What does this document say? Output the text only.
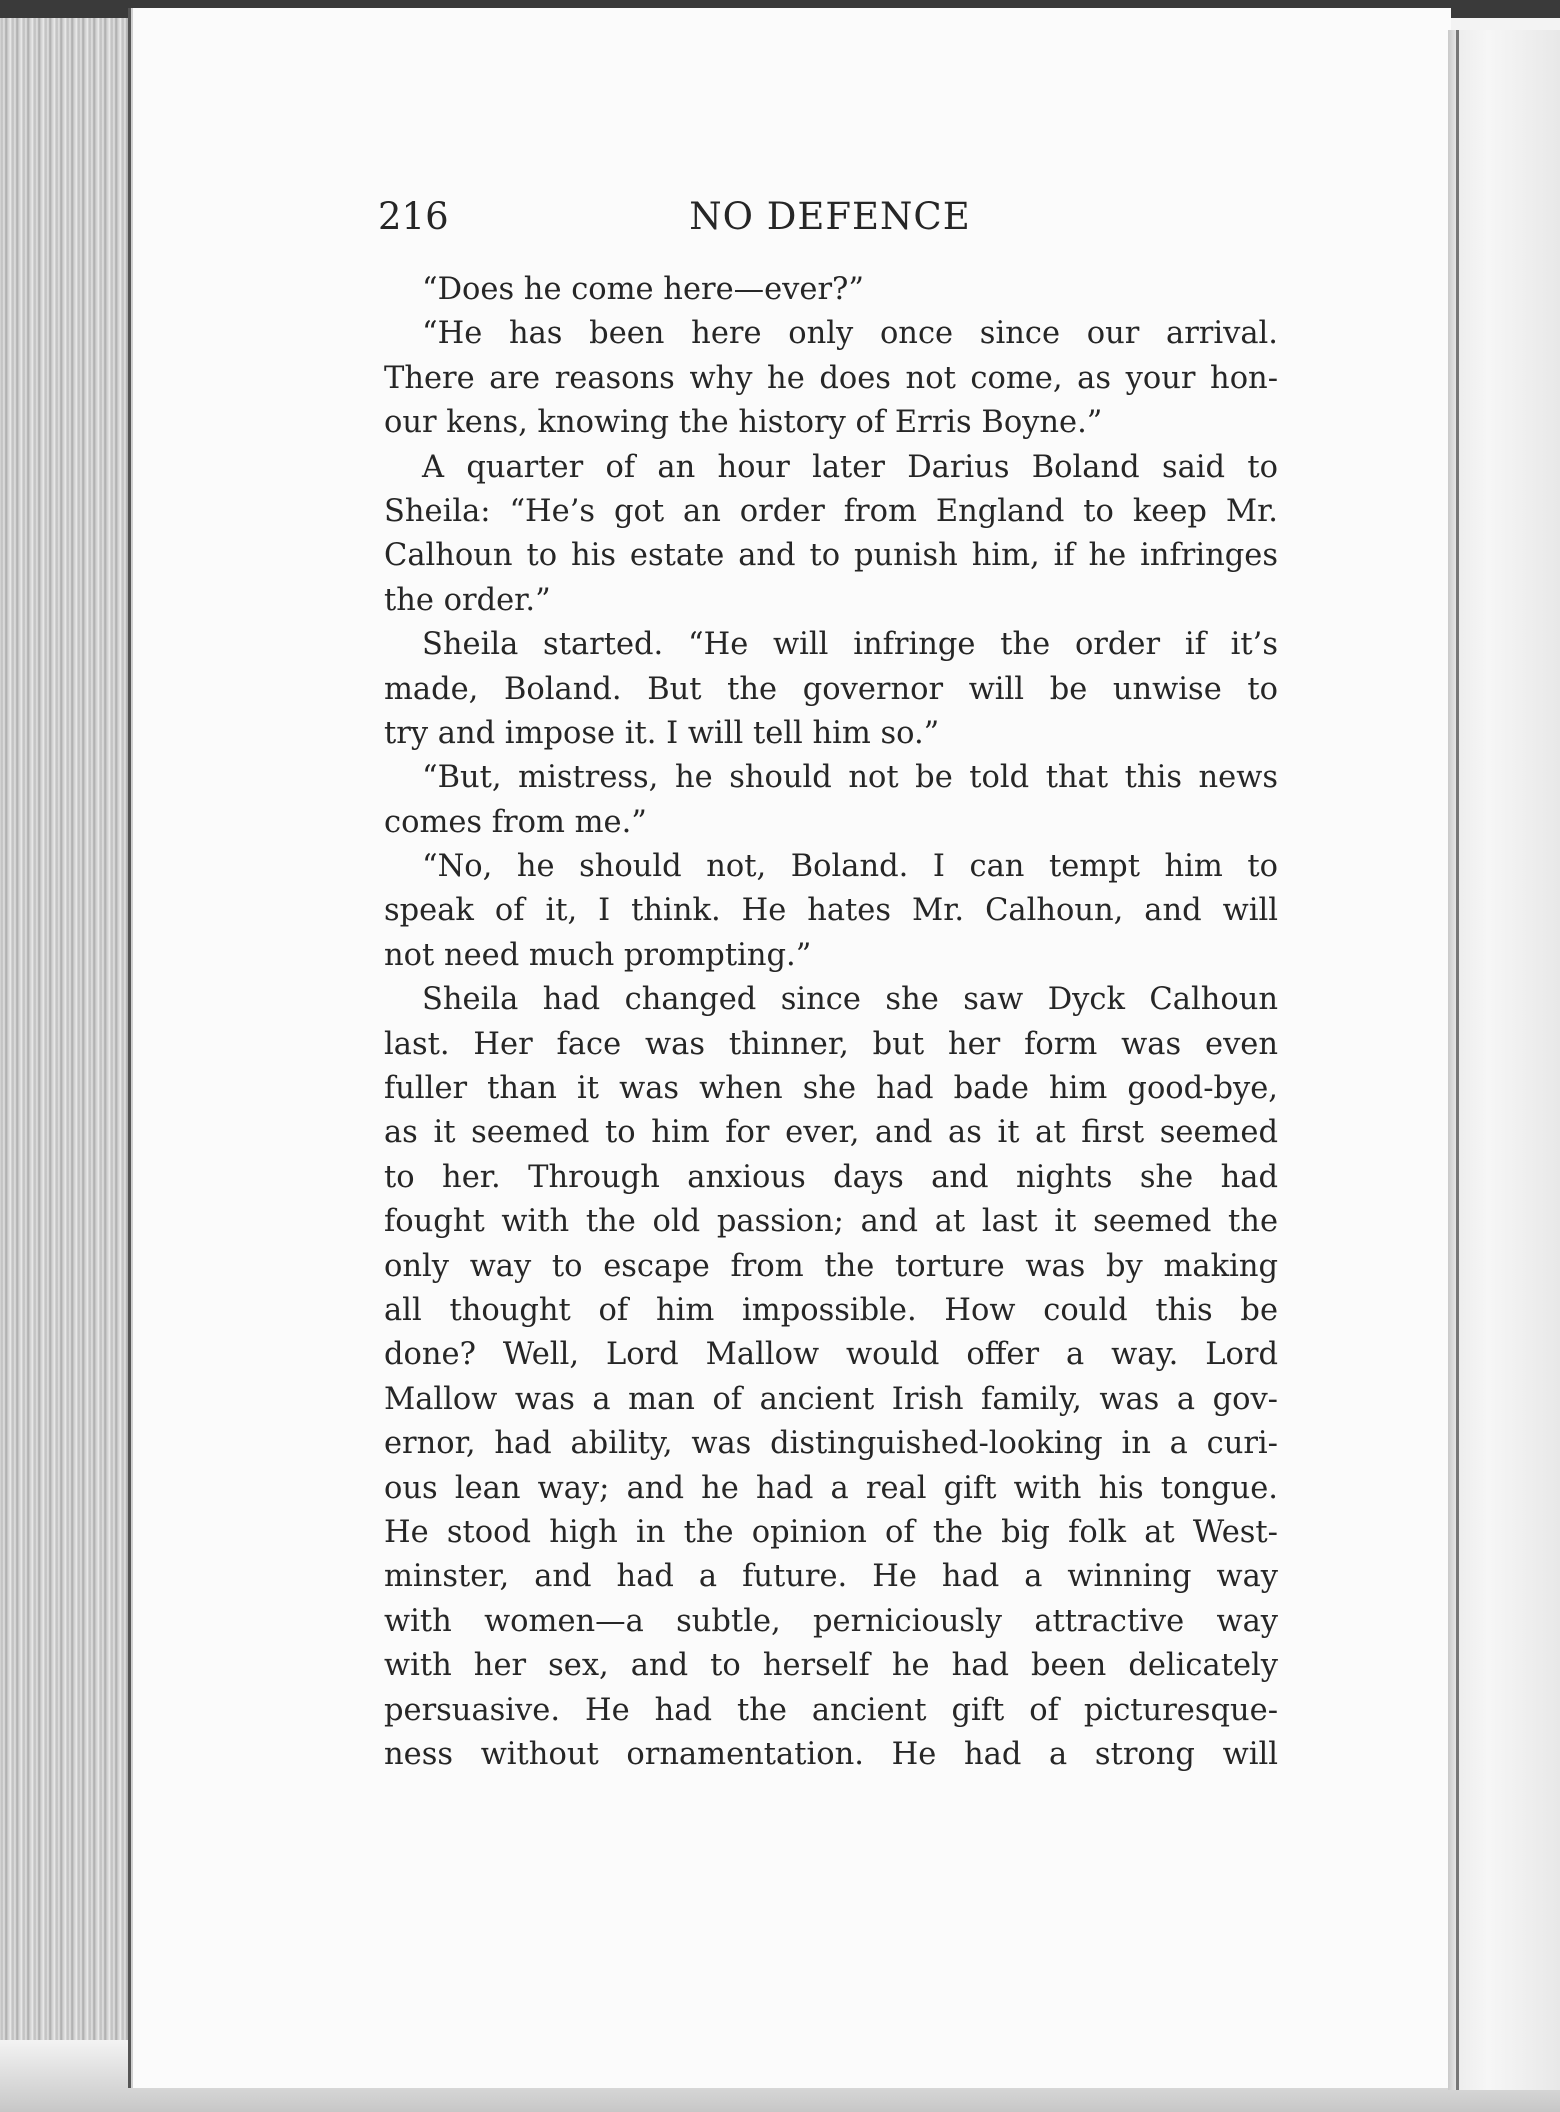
216	NO DEFENCE
“Does he come here—ever?”
“He has been here only once since our arrival.
There are reasons why he does not come, as your hon-
our kens, knowing the history of Erris Boyne.”
A quarter of an hour later Darius Boland said to
Sheila: “He’s got an order from England to keep Mr.
Calhoun to his estate and to punish him, if he infringes
the order.”
Sheila started. “He will infringe the order if it’s
made, Boland. But the governor will be unwise to
try and impose it. I will tell him so.”
“But, mistress, he should not be told that this news
comes from me.”
“No, he should not, Boland. I can tempt him to
speak of it, I think. He hates Mr. Calhoun, and will
not need much prompting.”
Sheila had changed since she saw Dyck Calhoun
last. Her face was thinner, but her form was even
fuller than it was when she had bade him good-bye,
as it seemed to him for ever, and as it at first seemed
to her. Through anxious days and nights she had
fought with the old passion; and at last it seemed the
only way to escape from the torture was by making
all thought of him impossible. How could this be
done? Well, Lord Mallow would offer a way. Lord
Mallow was a man of ancient Irish family, was a gov-
ernor, had ability, was distinguished-looking in a curi-
ous lean way; and he had a real gift with his tongue.
He stood high in the opinion of the big folk at West-
minster, and had a future. He had a winning way
with women—a subtle, perniciously attractive way
with her sex, and to herself he had been delicately
persuasive. He had the ancient gift of picturesque-
ness without ornamentation. He had a strong will
